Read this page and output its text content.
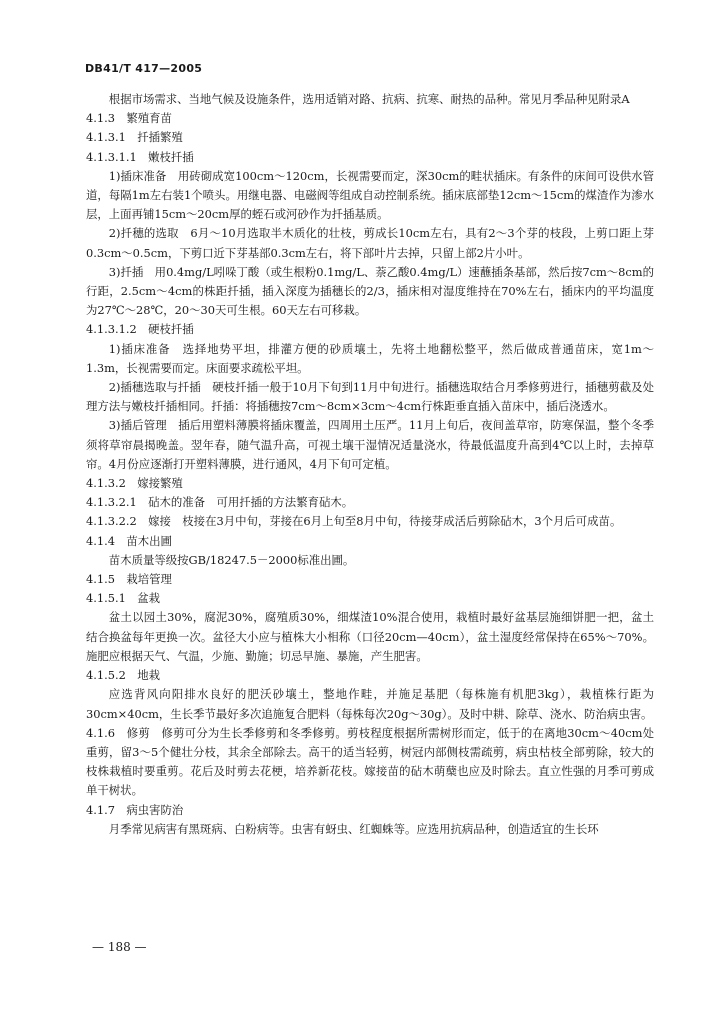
DB41/T 417—2005
根据市场需求、当地气候及设施条件，选用适销对路、抗病、抗寒、耐热的品种。常见月季品种见附录A
4.1.3　繁殖育苗
4.1.3.1　扦插繁殖
4.1.3.1.1　嫩枝扦插
1)插床准备　用砖砌成宽100cm～120cm，长视需要而定，深30cm的畦状插床。有条件的床间可设供水管道，每隔1m左右装1个喷头。用继电器、电磁阀等组成自动控制系统。插床底部垫12cm～15cm的煤渣作为渗水层，上面再铺15cm～20cm厚的蛭石或河砂作为扦插基质。
2)扦穗的选取　6月～10月选取半木质化的壮枝，剪成长10cm左右，具有2～3个芽的枝段，上剪口距上芽0.3cm～0.5cm，下剪口近下芽基部0.3cm左右，将下部叶片去掉，只留上部2片小叶。
3)扦插　用0.4mg/L吲哚丁酸（或生根粉0.1mg/L、萘乙酸0.4mg/L）速蘸插条基部，然后按7cm～8cm的行距，2.5cm～4cm的株距扦插，插入深度为插穗长的2/3，插床相对湿度维持在70%左右，插床内的平均温度为27℃～28℃，20～30天可生根。60天左右可移栽。
4.1.3.1.2　硬枝扦插
1)插床准备　选择地势平坦，排灌方便的砂质壤土，先将土地翻松整平，然后做成普通苗床，宽1m～1.3m，长视需要而定。床面要求疏松平坦。
2)插穗选取与扦插　硬枝扦插一般于10月下旬到11月中旬进行。插穗选取结合月季修剪进行，插穗剪截及处理方法与嫩枝扦插相同。扦插：将插穗按7cm～8cm×3cm～4cm行株距垂直插入苗床中，插后浇透水。
3)插后管理　插后用塑料薄膜将插床覆盖，四周用土压严。11月上旬后，夜间盖草帘，防寒保温，整个冬季须将草帘晨揭晚盖。翌年春，随气温升高，可视土壤干湿情况适量浇水，待最低温度升高到4℃以上时，去掉草帘。4月份应逐渐打开塑料薄膜，进行通风，4月下旬可定植。
4.1.3.2　嫁接繁殖
4.1.3.2.1　砧木的准备　可用扦插的方法繁育砧木。
4.1.3.2.2　嫁接　枝接在3月中旬，芽接在6月上旬至8月中旬，待接芽成活后剪除砧木，3个月后可成苗。
4.1.4　苗木出圃
苗木质量等级按GB/18247.5－2000标准出圃。
4.1.5　栽培管理
4.1.5.1　盆栽
盆土以园土30%，腐泥30%，腐殖质30%，细煤渣10%混合使用，栽植时最好盆基层施细饼肥一把，盆土结合换盆每年更换一次。盆径大小应与植株大小相称（口径20cm—40cm），盆土湿度经常保持在65%～70%。施肥应根据天气、气温，少施、勤施；切忌早施、暴施，产生肥害。
4.1.5.2　地栽
应选背风向阳排水良好的肥沃砂壤土，整地作畦，并施足基肥（每株施有机肥3kg），栽植株行距为30cm×40cm，生长季节最好多次追施复合肥料（每株每次20g～30g）。及时中耕、除草、浇水、防治病虫害。
4.1.6　修剪　修剪可分为生长季修剪和冬季修剪。剪枝程度根据所需树形而定，低于的在离地30cm～40cm处重剪，留3～5个健壮分枝，其余全部除去。高干的适当轻剪，树冠内部侧枝需疏剪，病虫枯枝全部剪除，较大的枝株栽植时要重剪。花后及时剪去花梗，培养新花枝。嫁接苗的砧木萌蘖也应及时除去。直立性强的月季可剪成单干树状。
4.1.7　病虫害防治
月季常见病害有黑斑病、白粉病等。虫害有蚜虫、红蜘蛛等。应选用抗病品种，创造适宜的生长环
— 188 —
